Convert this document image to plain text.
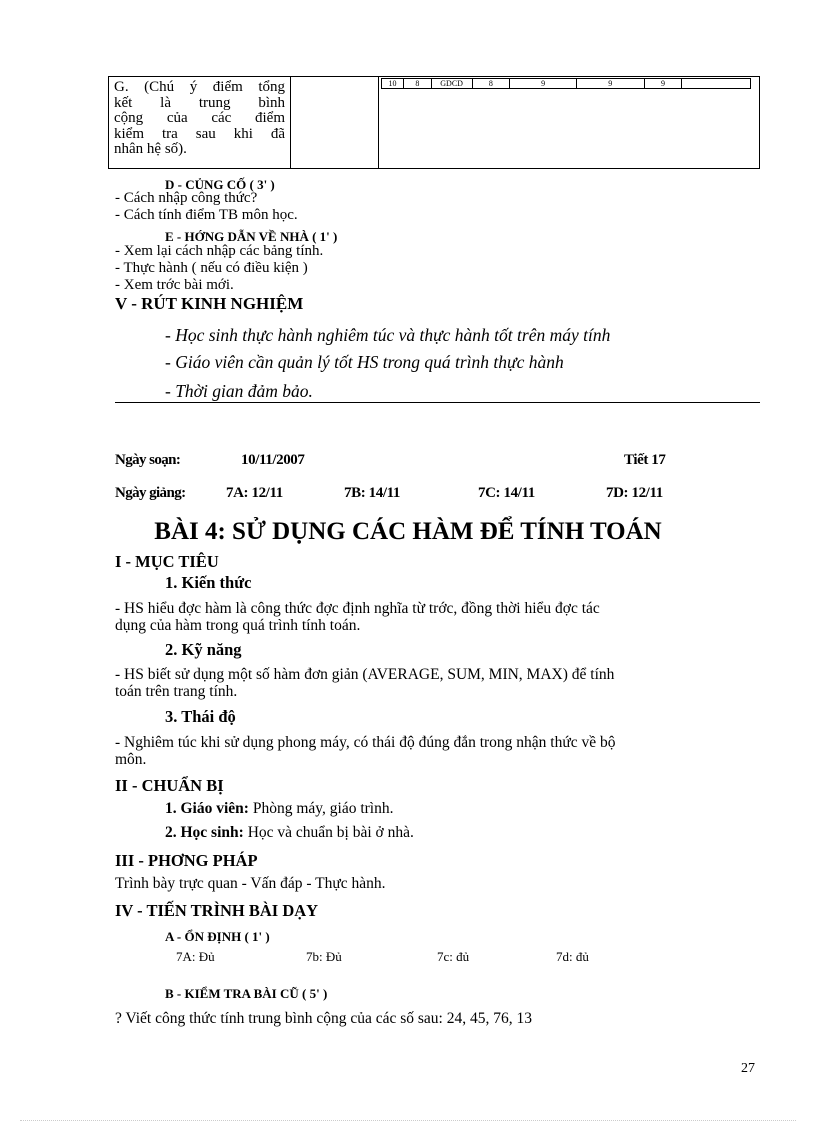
G. (Chú ý điểm tổng
kết là trung bình
cộng của các điểm
kiểm tra sau khi đã
nhân hệ số).
10	8	GDCD	8	9	9	9
D - CỦNG CỐ ( 3' )
- Cách nhập công thức?
- Cách tính điểm TB môn học.
E - HỚNG DẪN VỀ NHÀ ( 1' )
- Xem lại cách nhập các bảng tính.
- Thực hành ( nếu có điều kiện )
- Xem trớc bài mới.
V - RÚT KINH NGHIỆM
- Học sinh thực hành nghiêm túc và thực hành tốt trên máy tính
- Giáo viên cần quản lý tốt HS trong quá trình thực hành
- Thời gian đảm bảo.
Ngày soạn:	10/11/2007	Tiết 17
Ngày giảng:	7A: 12/11	7B: 14/11	7C: 14/11	7D: 12/11
BÀI 4: SỬ DỤNG CÁC HÀM ĐỂ TÍNH TOÁN
I - MỤC TIÊU
1. Kiến thức
- HS hiểu đợc hàm là công thức đợc định nghĩa từ trớc, đồng thời hiểu đợc tác
dụng của hàm trong quá trình tính toán.
2. Kỹ năng
- HS biết sử dụng một số hàm đơn giản (AVERAGE, SUM, MIN, MAX) để tính
toán trên trang tính.
3. Thái độ
- Nghiêm túc khi sử dụng phong máy, có thái độ đúng đắn trong nhận thức về bộ
môn.
II - CHUẨN BỊ
1. Giáo viên: Phòng máy, giáo trình.
2. Học sinh: Học và chuẩn bị bài ở nhà.
III - PHƠNG PHÁP
Trình bày trực quan - Vấn đáp - Thực hành.
IV - TIẾN TRÌNH BÀI DẠY
A - ỔN ĐỊNH ( 1' )
7A: Đủ	7b: Đủ	7c: đủ	7d: đủ
B - KIỂM TRA BÀI CŨ ( 5' )
? Viết công thức tính trung bình cộng của các số sau: 24, 45, 76, 13
27
